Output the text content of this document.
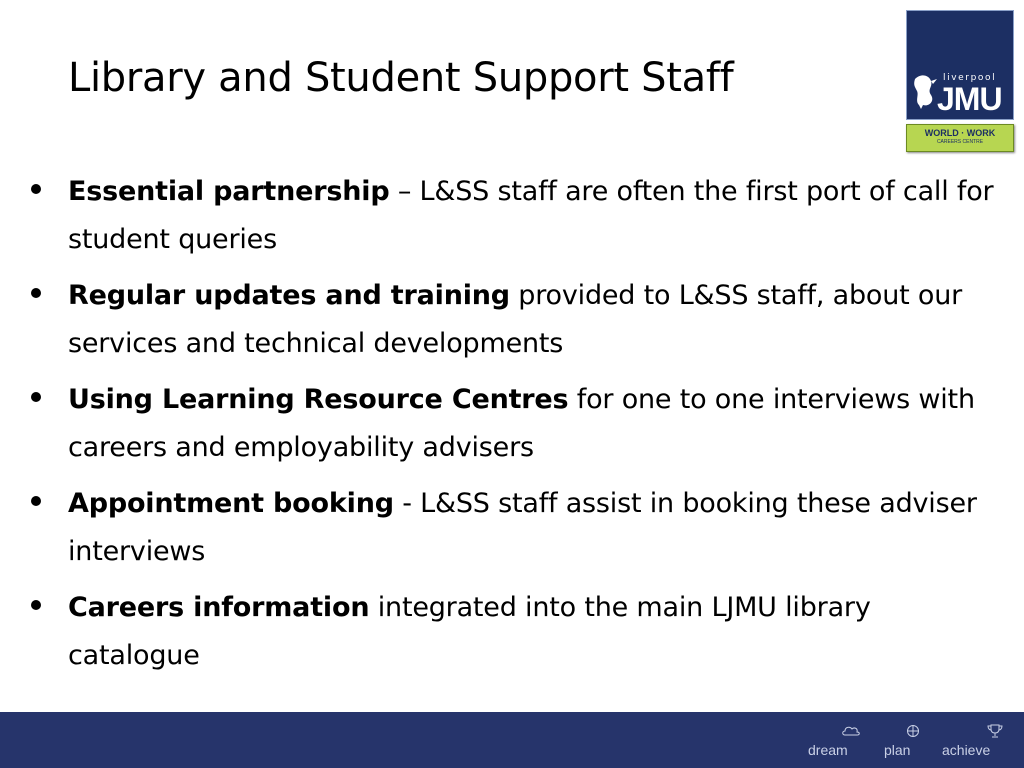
Library and Student Support Staff
Essential partnership – L&SS staff are often the first port of call for student queries
Regular updates and training provided to L&SS staff, about our services and technical developments
Using Learning Resource Centres for one to one interviews with careers and employability advisers
Appointment booking - L&SS staff assist in booking these adviser interviews
Careers information integrated into the main LJMU library catalogue
liverpool
JMU
WORLD · WORK
CAREERS CENTRE
dream	plan achieve
